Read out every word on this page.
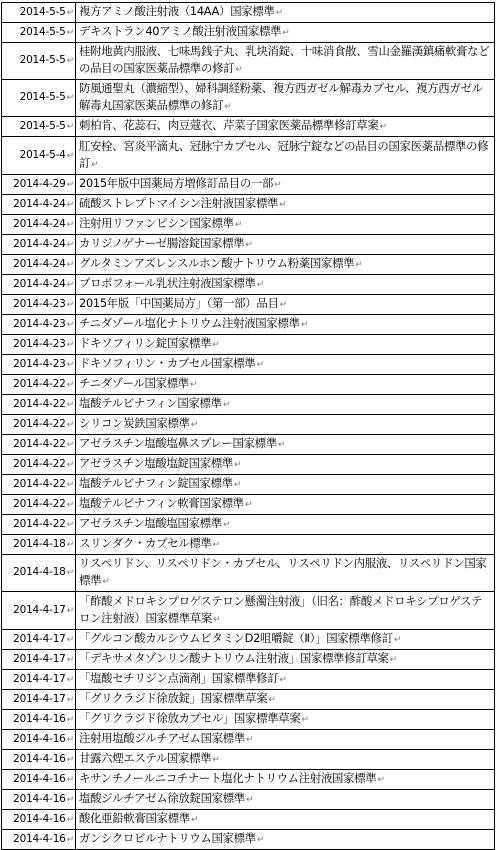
2014-5-5↵	複方アミノ酸注射液（14AA）国家標準↵
2014-5-5↵	デキストラン40アミノ酸注射液国家標準↵
2014-5-5↵	桂附地黄内服液、七味馬銭子丸、乳块消錠、十味消食散、雪山金羅漢鎮痛軟膏などの品目の国家医薬品標準の修訂↵
2014-5-5↵	防風通聖丸（濃縮型）、婦科調経粉薬、複方西ガゼル解毒カプセル、複方西ガゼル解毒丸国家医薬品標準の修訂↵
2014-5-5↵	刺柏肯、花蕊石、肉豆蔻衣、芹菜子国家医薬品標準修訂草案↵
2014-5-4↵	肛安栓、宮炎平滴丸、冠脉宁カプセル、冠脉宁錠などの品目の国家医薬品標準の修訂↵
2014-4-29↵	2015年版中国薬局方増修訂品目の一部↵
2014-4-24↵	硫酸ストレプトマイシン注射液国家標準↵
2014-4-24↵	注射用リファンピシン国家標準↵
2014-4-24↵	カリジノゲナーゼ腸溶錠国家標準↵
2014-4-24↵	グルタミンアズレンスルホン酸ナトリウム粉薬国家標準↵
2014-4-24↵	プロポフォール乳状注射液国家標準↵
2014-4-23↵	2015年版「中国薬局方」（第一部）品目↵
2014-4-23↵	チニダゾール塩化ナトリウム注射液国家標準↵
2014-4-23↵	ドキソフィリン錠国家標準↵
2014-4-23↵	ドキソフィリン・カプセル国家標準↵
2014-4-22↵	チニダゾール国家標準↵
2014-4-22↵	塩酸テルビナフィン国家標準↵
2014-4-22↵	シリコン炭鉄国家標準↵
2014-4-22↵	アゼラスチン塩酸塩鼻スプレー国家標準↵
2014-4-22↵	アゼラスチン塩酸塩錠国家標準↵
2014-4-22↵	塩酸テルビナフィン錠国家標準↵
2014-4-22↵	塩酸テルビナフィン軟膏国家標準↵
2014-4-22↵	アゼラスチン塩酸塩国家標準↵
2014-4-18↵	スリンダク・カプセル標準↵
2014-4-18↵	リスペリドン、リスペリドン・カプセル、リスペリドン内服液、リスペリドン国家標準↵
2014-4-17↵	「酢酸メドロキシプロゲステロン懸濁注射液」（旧名：酢酸メドロキシプロゲステロン注射液）国家標準草案↵
2014-4-17↵	「グルコン酸カルシウムビタミンD2咀嚼錠（Ⅱ）」国家標準修訂↵
2014-4-17↵	「デキサメタゾンリン酸ナトリウム注射液」国家標準修訂草案↵
2014-4-17↵	「塩酸セチリジン点滴剤」国家標準修訂↵
2014-4-17↵	「グリクラジド徐放錠」国家標準草案↵
2014-4-16↵	「グリクラジド徐放カプセル」国家標準草案↵
2014-4-16↵	注射用塩酸ジルチアゼム国家標準↵
2014-4-16↵	甘露六煙エステル国家標準↵
2014-4-16↵	キサンチノールニコチナート塩化ナトリウム注射液国家標準↵
2014-4-16↵	塩酸ジルチアゼム徐放錠国家標準↵
2014-4-16↵	酸化亜鉛軟膏国家標準↵
2014-4-16↵	ガンシクロビルナトリウム国家標準↵
